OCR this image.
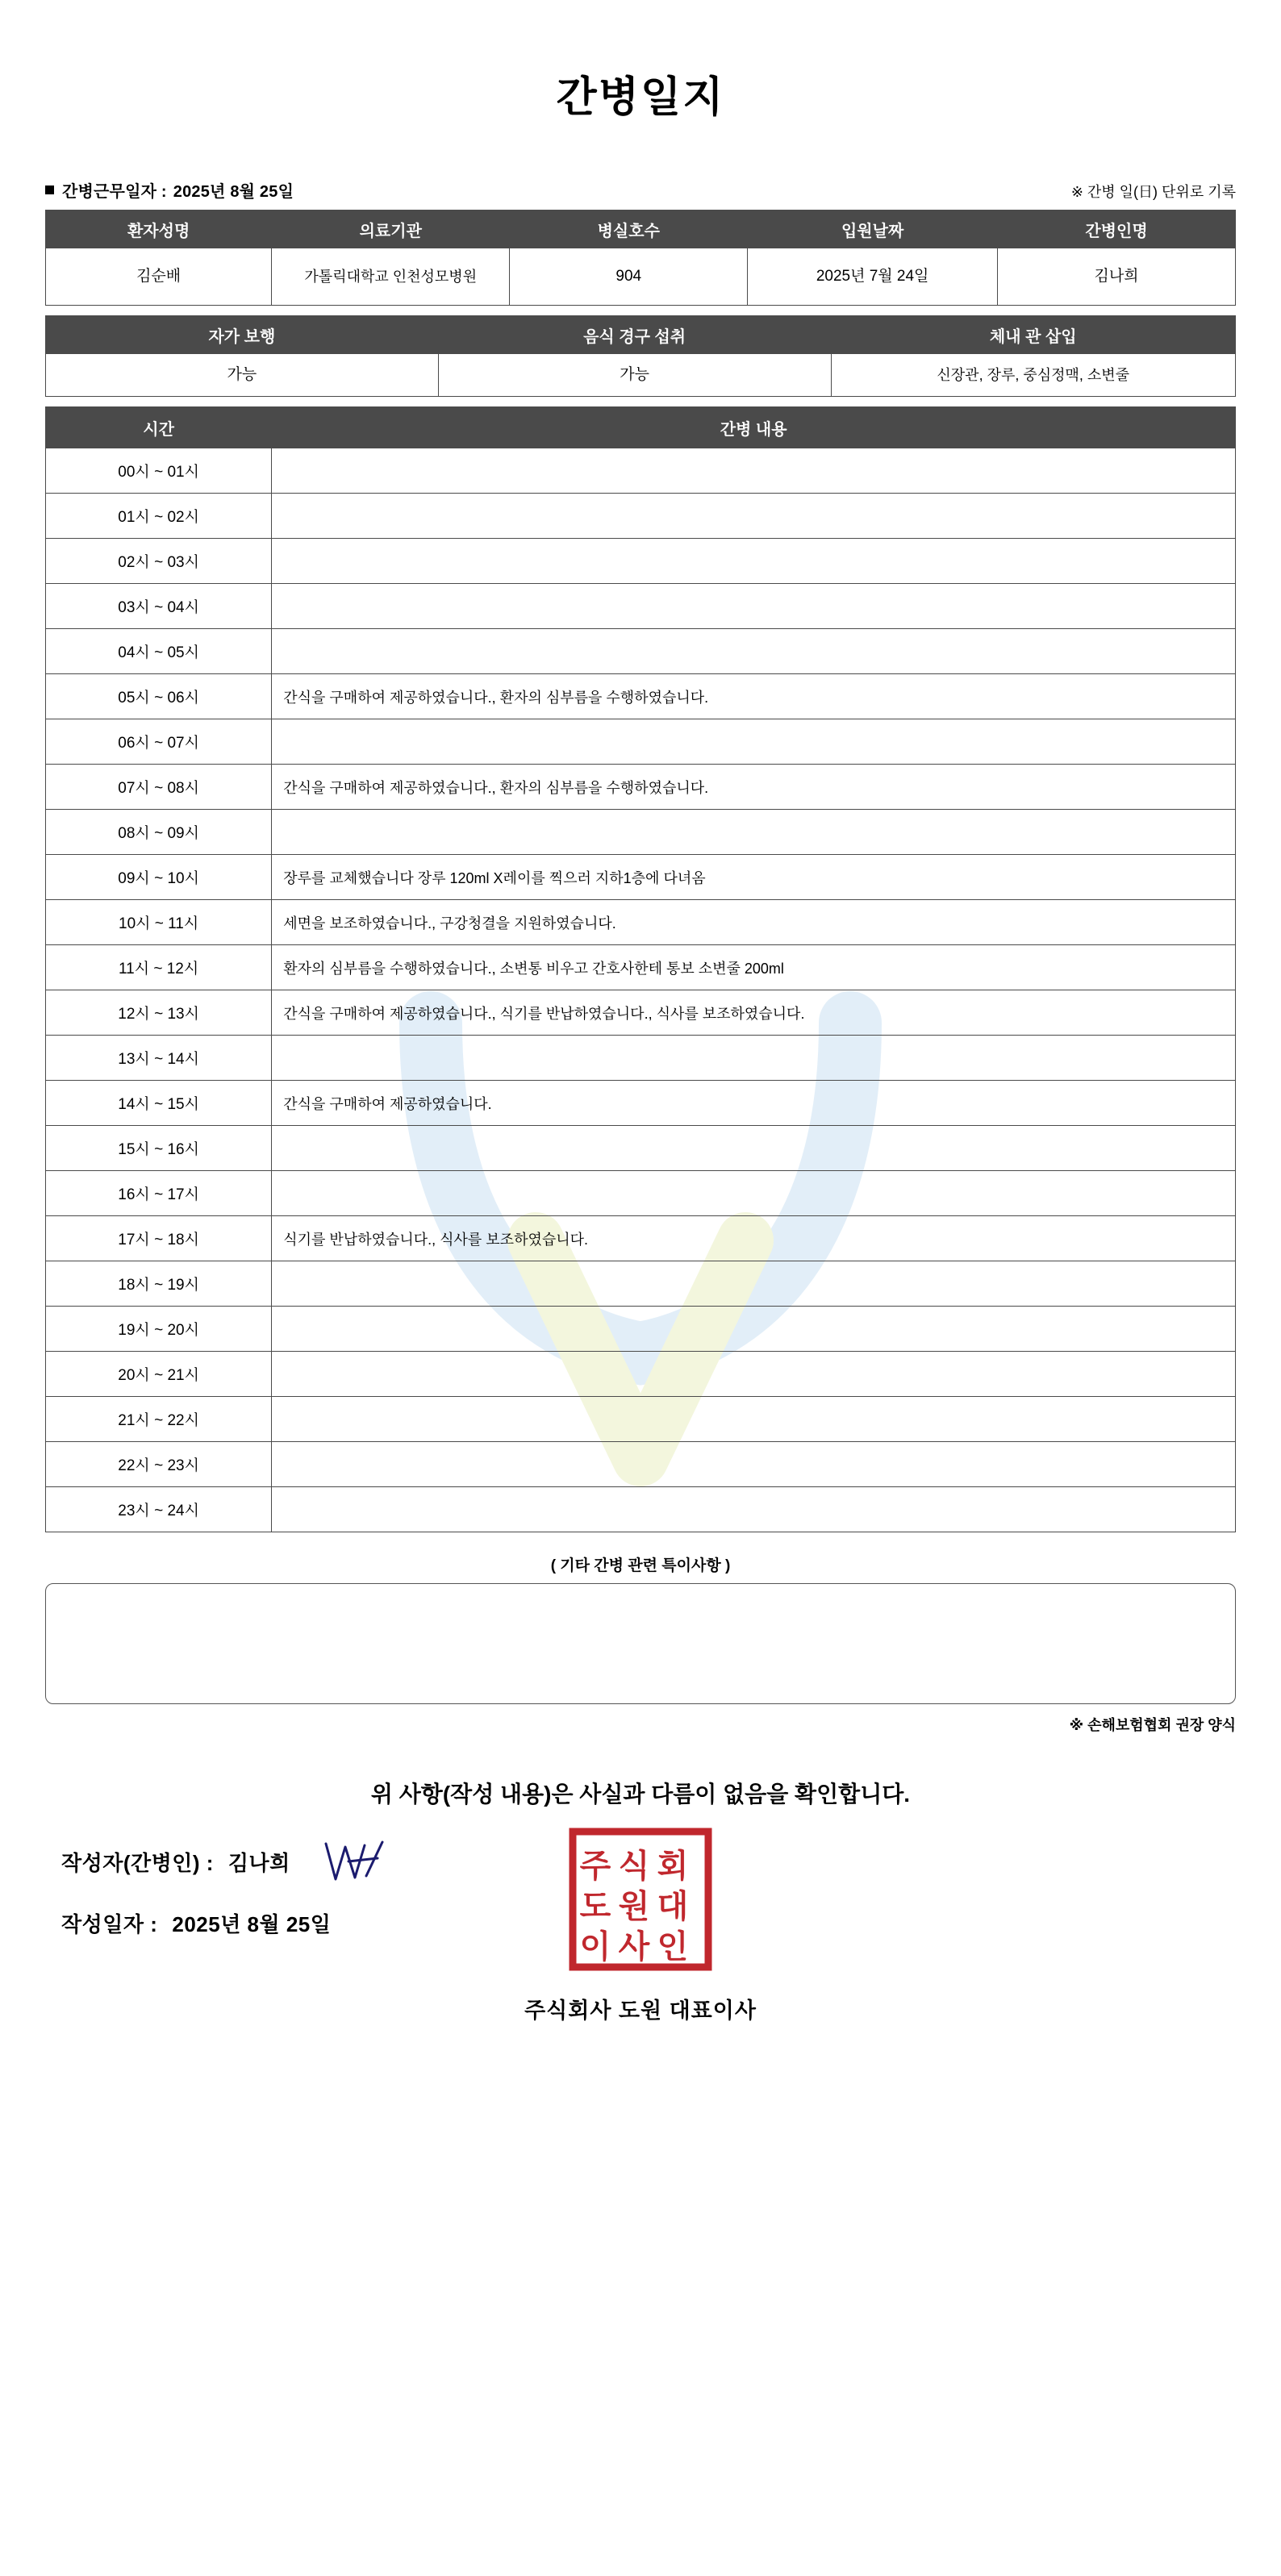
간병일지
간병근무일자 : 2025년 8월 25일	※ 간병 일(日) 단위로 기록
환자성명	의료기관	병실호수	입원날짜	간병인명
김순배	가톨릭대학교 인천성모병원	904	2025년 7월 24일	김나희
자가 보행	음식 경구 섭취	체내 관 삽입
가능	가능	신장관, 장루, 중심정맥, 소변줄
시간	간병 내용
00시 ~ 01시	
01시 ~ 02시	
02시 ~ 03시	
03시 ~ 04시	
04시 ~ 05시	
05시 ~ 06시	간식을 구매하여 제공하였습니다., 환자의 심부름을 수행하였습니다.
06시 ~ 07시	
07시 ~ 08시	간식을 구매하여 제공하였습니다., 환자의 심부름을 수행하였습니다.
08시 ~ 09시	
09시 ~ 10시	장루를 교체했습니다 장루 120ml X레이를 찍으러 지하1층에 다녀옴
10시 ~ 11시	세면을 보조하였습니다., 구강청결을 지원하였습니다.
11시 ~ 12시	환자의 심부름을 수행하였습니다., 소변통 비우고 간호사한테 통보 소변줄 200ml
12시 ~ 13시	간식을 구매하여 제공하였습니다., 식기를 반납하였습니다., 식사를 보조하였습니다.
13시 ~ 14시	
14시 ~ 15시	간식을 구매하여 제공하였습니다.
15시 ~ 16시	
16시 ~ 17시	
17시 ~ 18시	식기를 반납하였습니다., 식사를 보조하였습니다.
18시 ~ 19시	
19시 ~ 20시	
20시 ~ 21시	
21시 ~ 22시	
22시 ~ 23시	
23시 ~ 24시	
( 기타 간병 관련 특이사항 )
※ 손해보험협회 권장 양식
위 사항(작성 내용)은 사실과 다름이 없음을 확인합니다.
작성자(간병인) : 김나희
작성일자 : 2025년 8월 25일
주 식 회
도 원 대
이 사 인
주식회사 도원 대표이사
